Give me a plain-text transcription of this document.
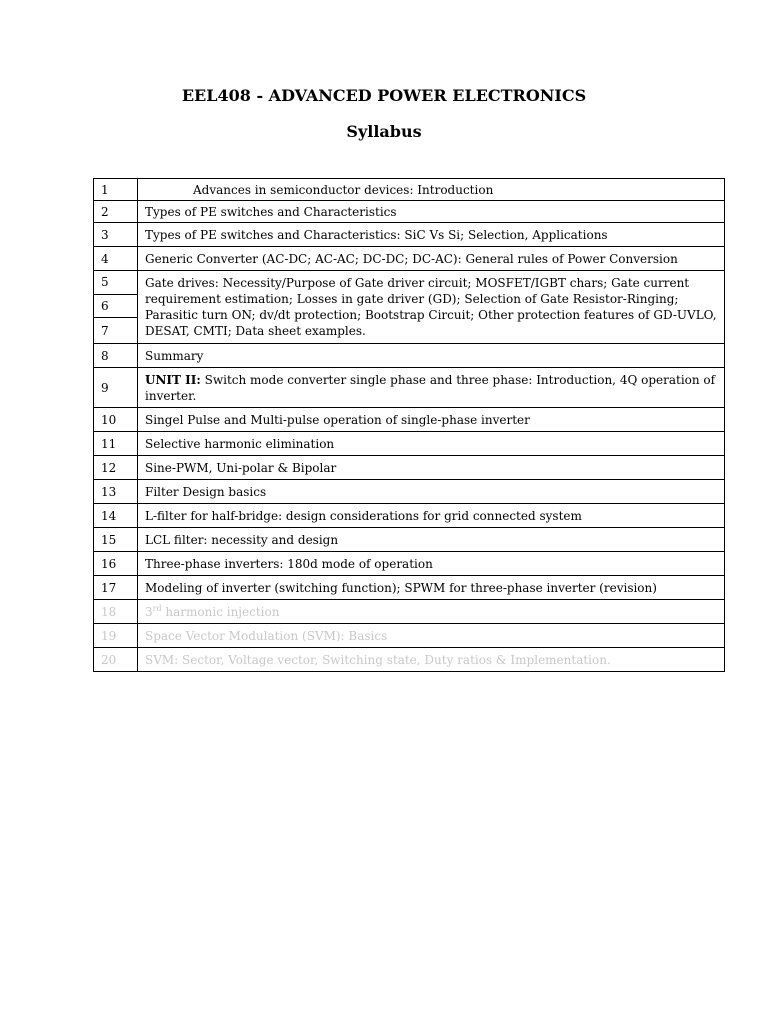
EEL408 - ADVANCED POWER ELECTRONICS
Syllabus
1	Advances in semiconductor devices: Introduction
2	Types of PE switches and Characteristics
3	Types of PE switches and Characteristics: SiC Vs Si; Selection, Applications
4	Generic Converter (AC-DC; AC-AC; DC-DC; DC-AC): General rules of Power Conversion
5	Gate drives: Necessity/Purpose of Gate driver circuit; MOSFET/IGBT chars; Gate current requirement estimation; Losses in gate driver (GD); Selection of Gate Resistor-Ringing; Parasitic turn ON; dv/dt protection; Bootstrap Circuit; Other protection features of GD-UVLO, DESAT, CMTI; Data sheet examples.
6	
7	
8	Summary
9	UNIT II: Switch mode converter single phase and three phase: Introduction, 4Q operation of inverter.
10	Singel Pulse and Multi-pulse operation of single-phase inverter
11	Selective harmonic elimination
12	Sine-PWM, Uni-polar & Bipolar
13	Filter Design basics
14	L-filter for half-bridge: design considerations for grid connected system
15	LCL filter: necessity and design
16	Three-phase inverters: 180d mode of operation
17	Modeling of inverter (switching function); SPWM for three-phase inverter (revision)
18	3rd harmonic injection
19	Space Vector Modulation (SVM): Basics
20	SVM: Sector, Voltage vector, Switching state, Duty ratios & Implementation.
